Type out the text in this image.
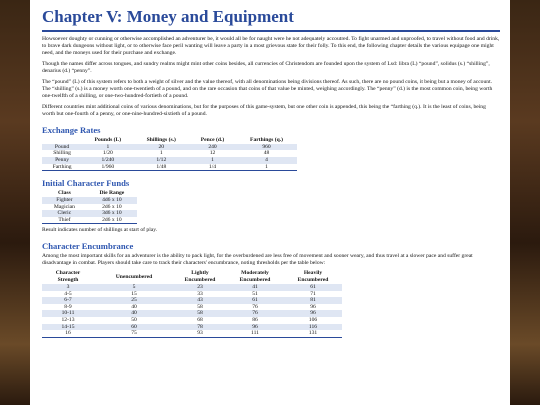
Chapter V: Money and Equipment

Howsoever doughty or cunning or otherwise accomplished an adventurer be, it would all be for naught were he not adequately accoutred. To fight unarmed and unproofed, to travel without food and drink, to brave dark dungeons without light, or to otherwise face peril wanting will leave a party in a most grievous state for their folly. To this end, the following chapter details the various equipage one might need, and the moneys used for their purchase and exchange.

Though the names differ across tongues, and sundry realms might mint other coins besides, all currencies of Christendom are founded upon the system of Lsd: libra (L) “pound”, solidus (s.) “shilling”, denarius (d.) “penny”.

The “pound” (L) of this system refers to both a weight of silver and the value thereof, with all denominations being divisions thereof. As such, there are no pound coins, it being but a money of account. The “shilling” (s.) is a money worth one-twentieth of a pound, and on the rare occasion that coins of that value be minted, weighing accordingly. The “penny” (d.) is the most common coin, being worth one-twelfth of a shilling, or one-two-hundred-fortieth of a pound.

Different countries mint additional coins of various denominations, but for the purposes of this game-system, but one other coin is appended, this being the “farthing (q.). It is the least of coins, being worth but one-fourth of a penny, or one-nine-hundred-sixtieth of a pound.

Exchange Rates
	Pounds (L)	Shillings (s.)	Pence (d.)	Farthings (q.)
Pound	1	20	240	960
Shilling	1/20	1	12	48
Penny	1/240	1/12	1	4
Farthing	1/960	1/48	1/4	1
Initial Character Funds
Class	Die Range
Fighter	4d6 x 10
Magician	2d6 x 10
Cleric	3d6 x 10
Thief	2d6 x 10

Result indicates number of shillings at start of play.

Character Encumbrance

Among the most important skills for an adventurer is the ability to pack light, for the overburdened are less free of movement and sooner weary, and thus travel at a slower pace and suffer great disadvantage in combat. Players should take care to track their characters' encumbrance, noting thresholds per the table below:

Character Strength	Unencumbered	Lightly Encumbered	Moderately Encumbered	Heavily Encumbered
3	5	23	41	61
4-5	15	33	51	71
6-7	25	43	61	81
8-9	40	58	76	96
10-11	40	58	76	96
12-13	50	68	86	106
14-15	60	78	96	116
16	75	93	111	131
